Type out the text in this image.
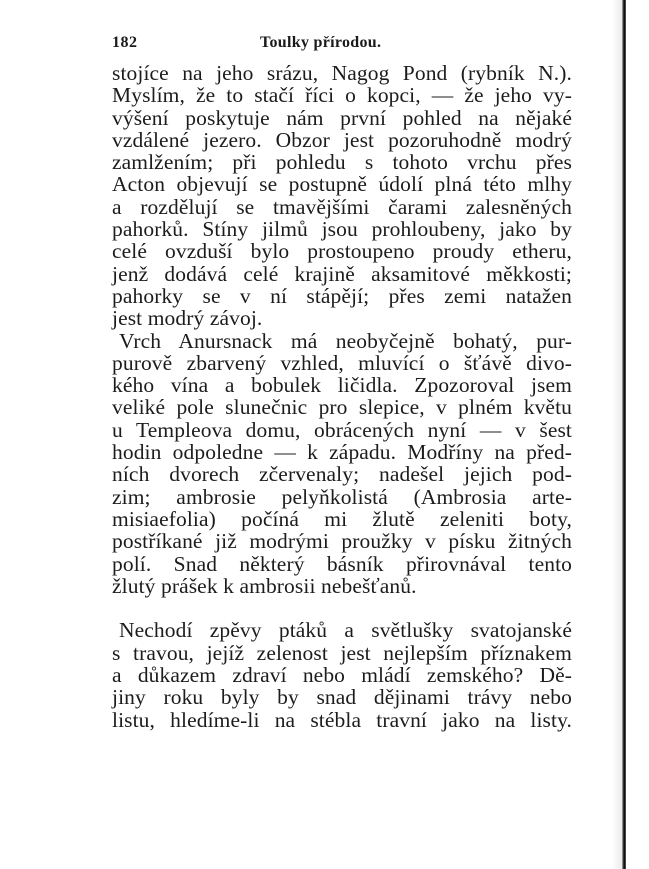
182	Toulky přírodou.
stojíce na jeho srázu, Nagog Pond (rybník N.).
Myslím, že to stačí říci o kopci, — že jeho vy-
výšení poskytuje nám první pohled na nějaké
vzdálené jezero. Obzor jest pozoruhodně modrý
zamlžením; při pohledu s tohoto vrchu přes
Acton objevují se postupně údolí plná této mlhy
a rozdělují se tmavějšími čarami zalesněných
pahorků. Stíny jilmů jsou prohloubeny, jako by
celé ovzduší bylo prostoupeno proudy etheru,
jenž dodává celé krajině aksamitové měkkosti;
pahorky se v ní stápějí; přes zemi natažen
jest modrý závoj.
Vrch Anursnack má neobyčejně bohatý, pur-
purově zbarvený vzhled, mluvící o šťávě divo-
kého vína a bobulek ličidla. Zpozoroval jsem
veliké pole slunečnic pro slepice, v plném květu
u Templeova domu, obrácených nyní — v šest
hodin odpoledne — k západu. Modříny na před-
ních dvorech zčervenaly; nadešel jejich pod-
zim; ambrosie pelyňkolistá (Ambrosia arte-
misiaefolia) počíná mi žlutě zeleniti boty,
postříkané již modrými proužky v písku žitných
polí. Snad některý básník přirovnával tento
žlutý prášek k ambrosii nebešťanů.
Nechodí zpěvy ptáků a světlušky svatojanské
s travou, jejíž zelenost jest nejlepším příznakem
a důkazem zdraví nebo mládí zemského? Dě-
jiny roku byly by snad dějinami trávy nebo
listu, hledíme-li na stébla travní jako na listy.
